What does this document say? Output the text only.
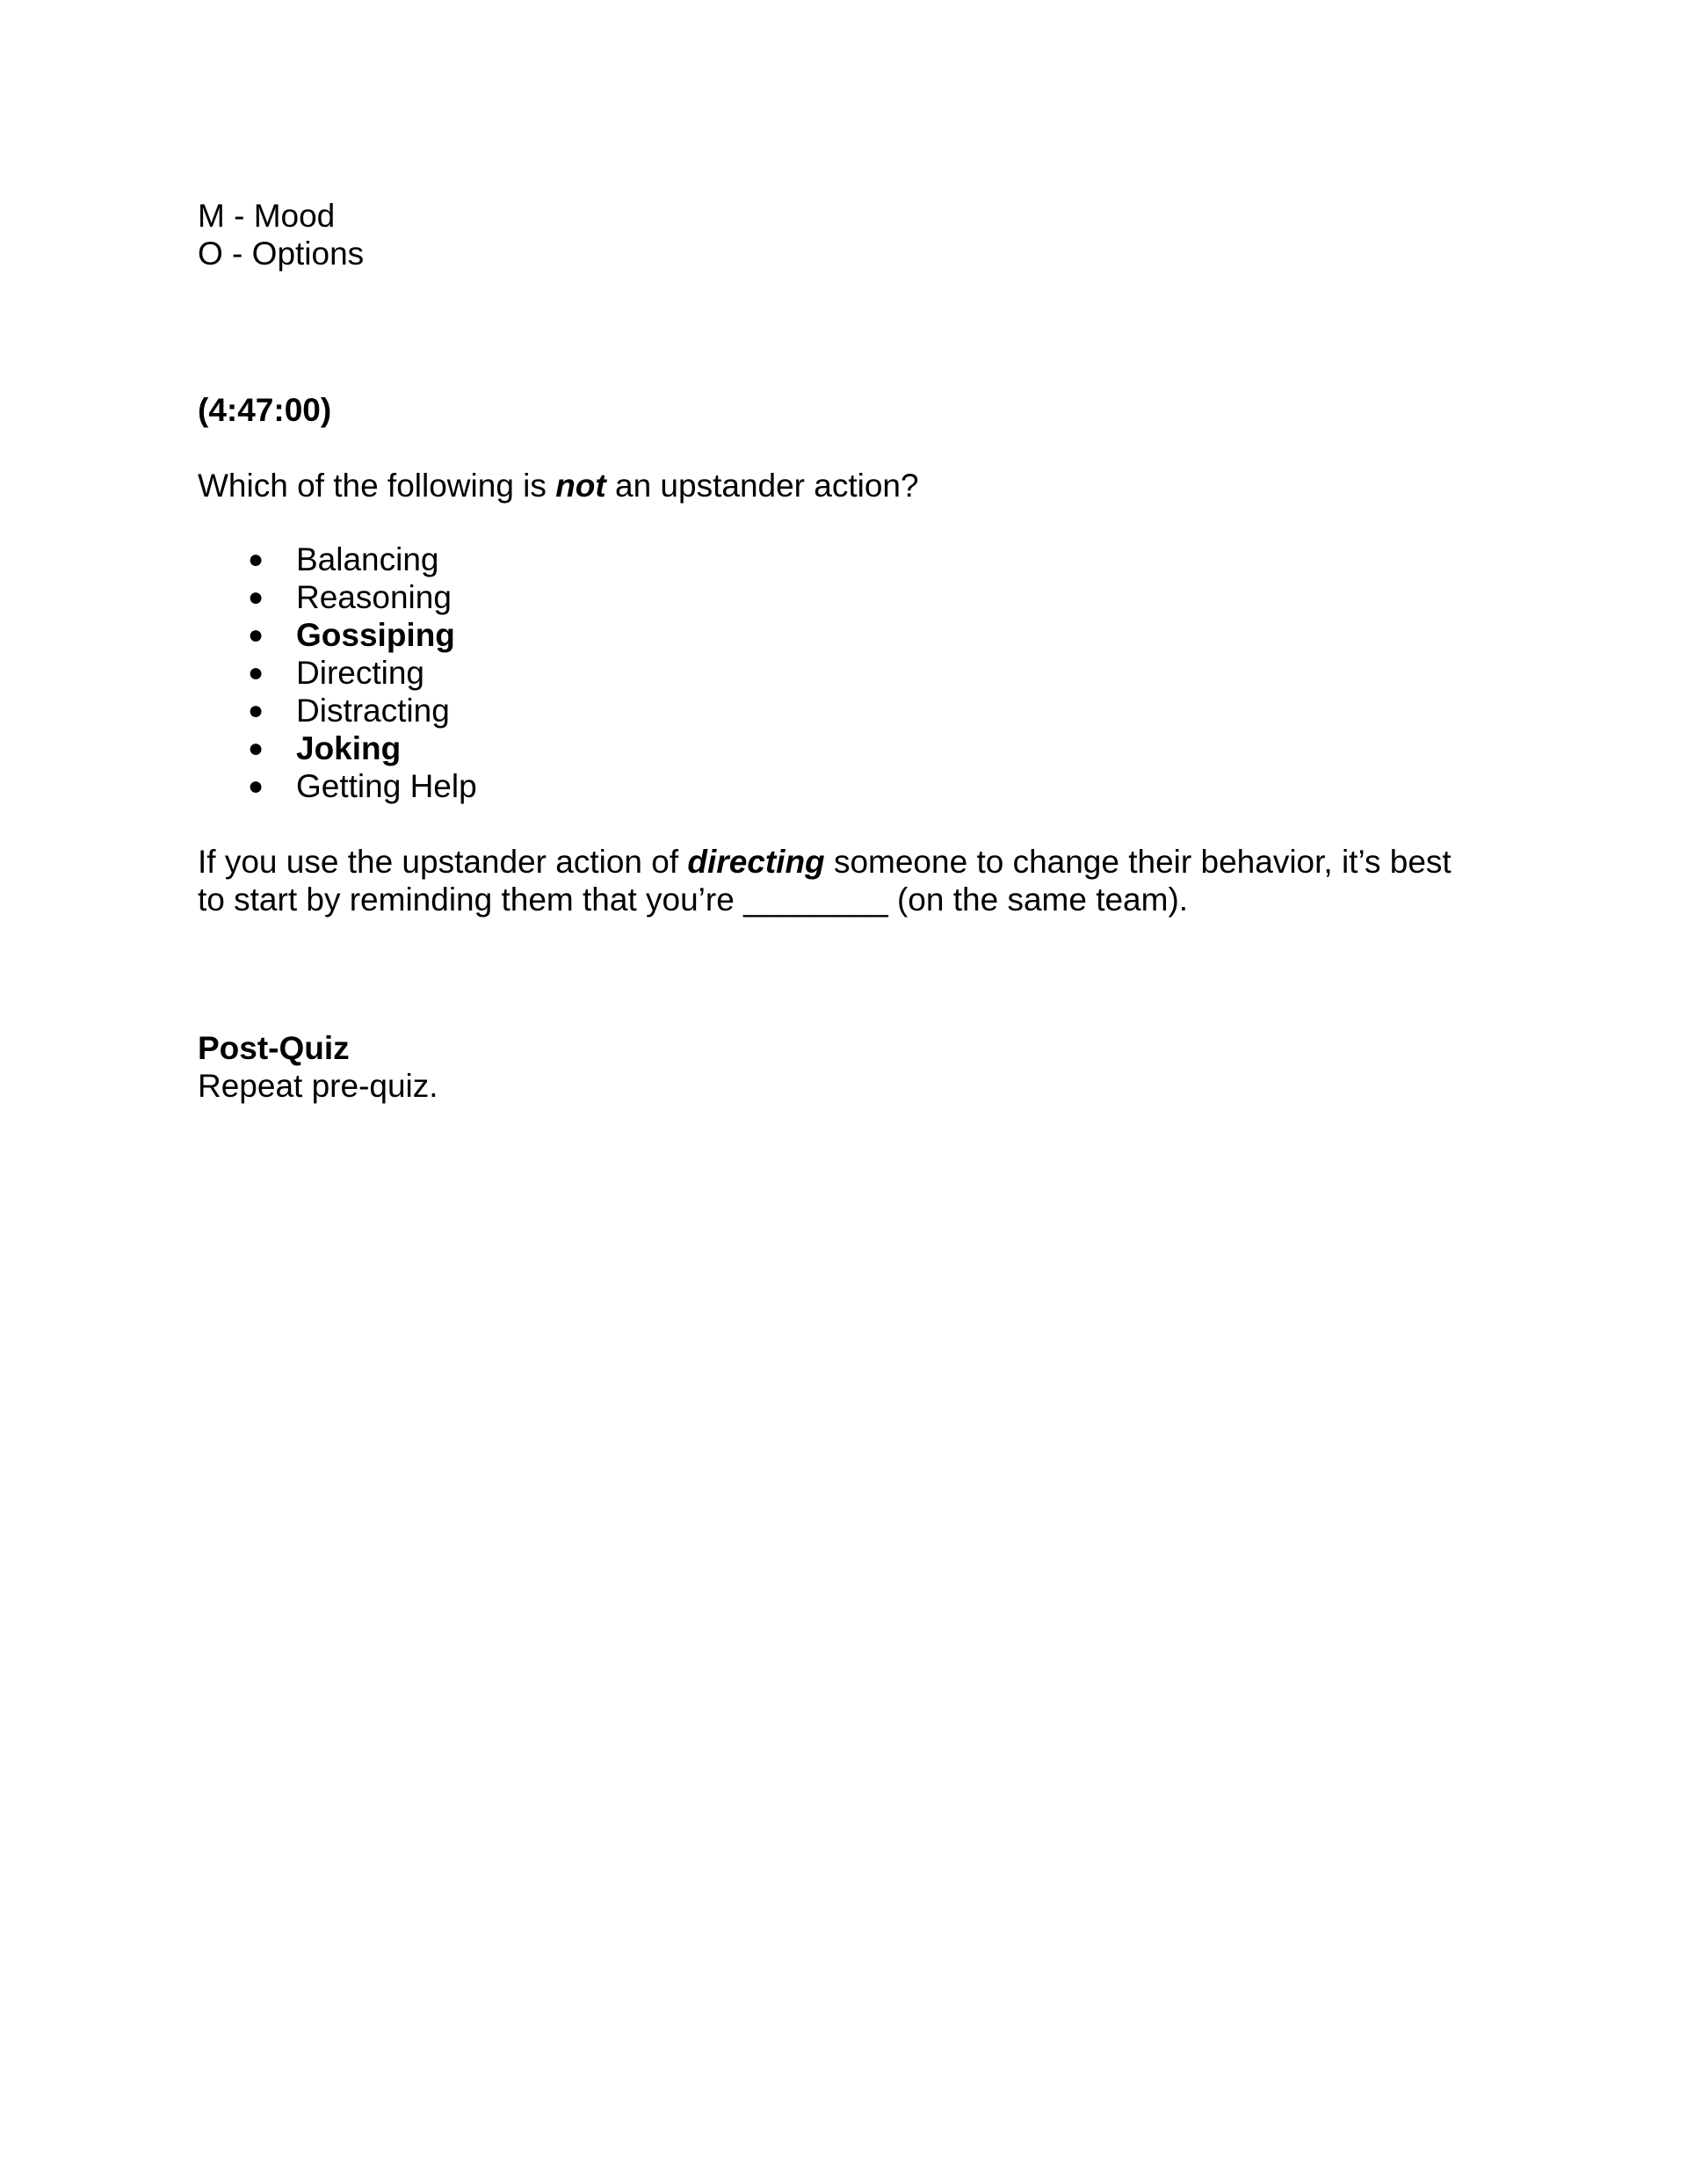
M - Mood
O - Options
(4:47:00)
Which of the following is not an upstander action?
● Balancing
● Reasoning
● Gossiping
● Directing
● Distracting
● Joking
● Getting Help
If you use the upstander action of directing someone to change their behavior, it’s best
to start by reminding them that you’re ________ (on the same team).
Post-Quiz
Repeat pre-quiz.
